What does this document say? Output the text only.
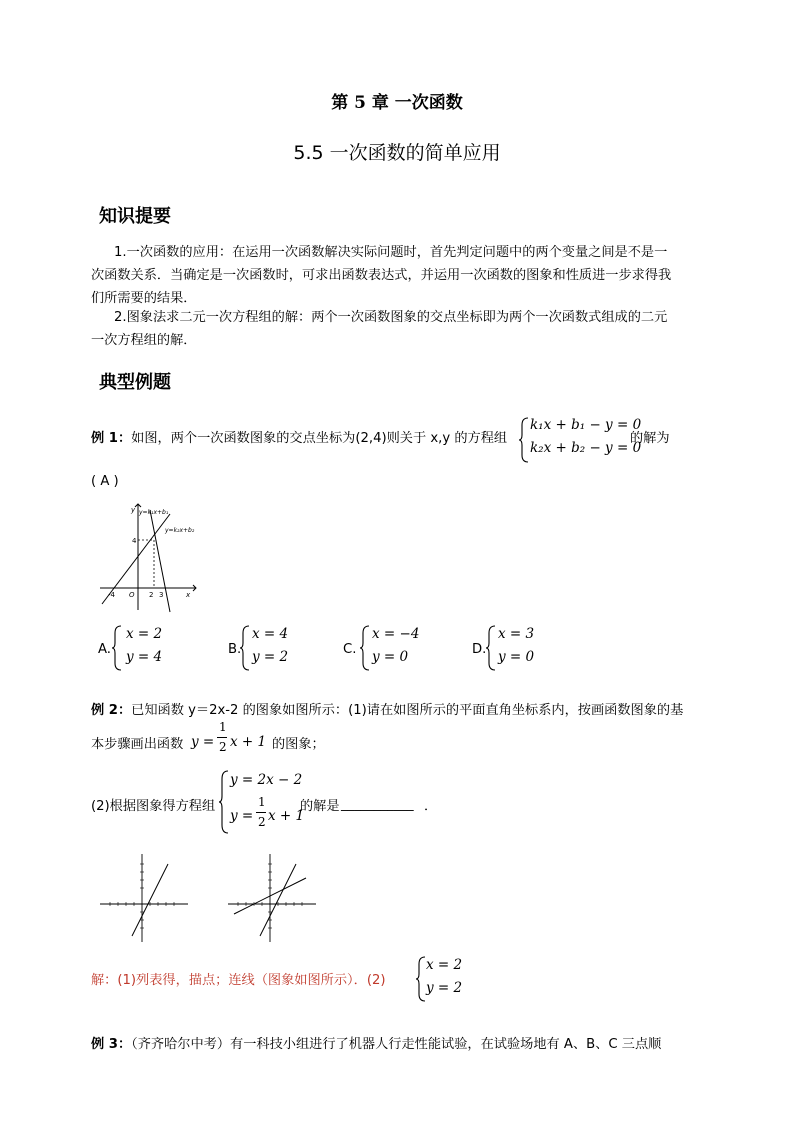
第 5 章 一次函数
5.5 一次函数的简单应用
知识提要
1.一次函数的应用：在运用一次函数解决实际问题时，首先判定问题中的两个变量之间是不是一
次函数关系．当确定是一次函数时，可求出函数表达式，并运用一次函数的图象和性质进一步求得我
们所需要的结果．
2.图象法求二元一次方程组的解：两个一次函数图象的交点坐标即为两个一次函数式组成的二元
一次方程组的解．
典型例题
例 1：如图，两个一次函数图象的交点坐标为(2,4)则关于 x,y 的方程组
k₁x + b₁ − y = 0
k₂x + b₂ − y = 0
的解为
( A )
y
x
y=k₁x+b₁
y=k₂x+b₂
4
-4 O 2 3
A.
x = 2
y = 4	B.
x = 4
y = 2	C.
x = −4
y = 0	D.
x = 3
y = 0
例 2：已知函数 y＝2x-2 的图象如图所示：(1)请在如图所示的平面直角坐标系内，按画函数图象的基
本步骤画出函数 y =
1
2 x + 1 的图象；
(2)根据图象得方程组
y = 2x − 2
y =
1
2 x + 1
的解是 ___________ ．
解：(1)列表得，描点；连线（图象如图所示）．(2)
x = 2
y = 2
例 3：（齐齐哈尔中考）有一科技小组进行了机器人行走性能试验，在试验场地有 A、B、C 三点顺
